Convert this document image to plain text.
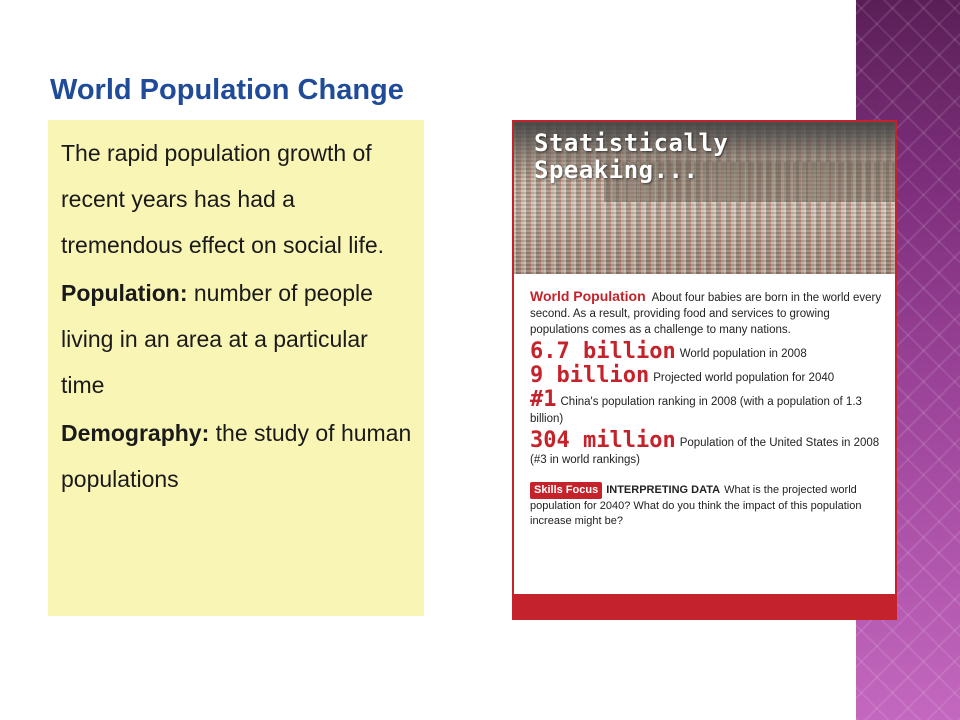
World Population Change

The rapid population growth of recent years has had a tremendous effect on social life.

Population: number of people living in an area at a particular time

Demography: the study of human populations

Statistically
Speaking...
World Population About four babies are born in the world every second. As a result, providing food and services to growing populations comes as a challenge to many nations.
6.7 billion World population in 2008
9 billion Projected world population for 2040
#1 China's population ranking in 2008 (with a population of 1.3 billion)
304 million Population of the United States in 2008 (#3 in world rankings)
Skills Focus INTERPRETING DATA What is the projected world population for 2040? What do you think the impact of this population increase might be?
